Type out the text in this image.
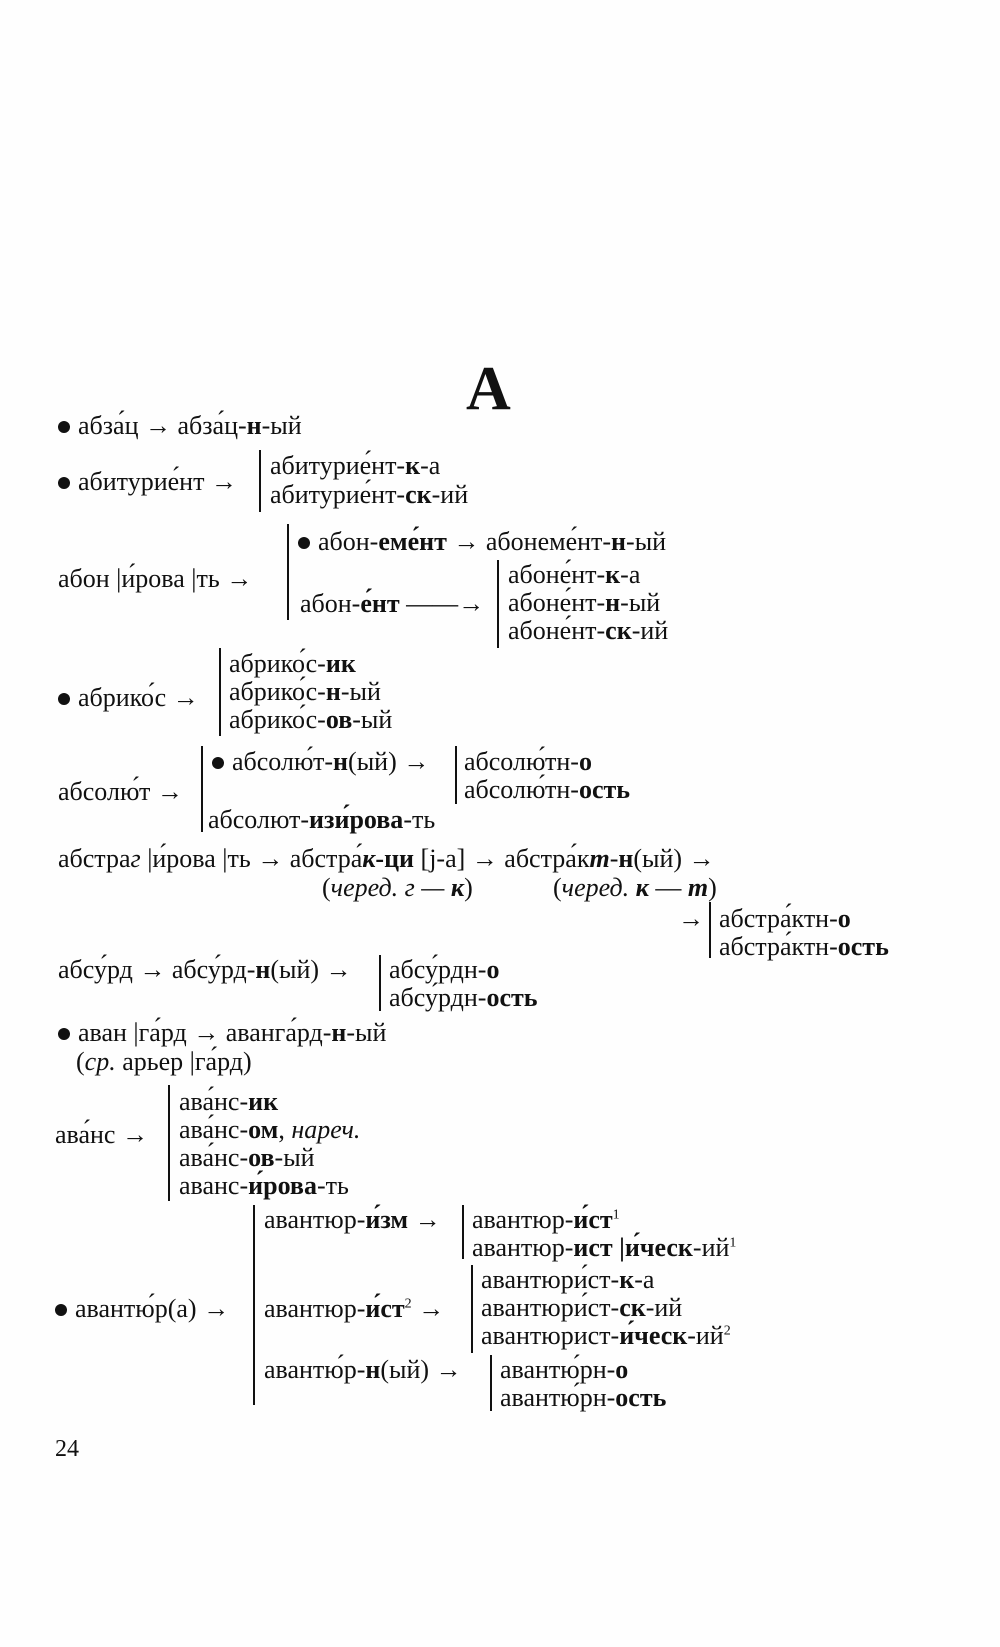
А
абза́ц → абза́ц-н-ый
абитурие́нт →
абитурие́нт-к-а
абитурие́нт-ск-ий
абон |и́рова |ть →
абон-еме́нт → абонеме́нт-н-ый
абон-е́нт ——→
абоне́нт-к-а
абоне́нт-н-ый
абоне́нт-ск-ий
абрико́с →
абрико́с-ик
абрико́с-н-ый
абрико́с-ов-ый
абсолю́т →
абсолю́т-н(ый) → абсолю́тн-о
абсолю́тн-ость
абсолют-изи́рова-ть
абстраг |и́рова |ть → абстра́к-ци [j-а] → абстра́кт-н(ый) →
(черед. г — к)	(черед. к — т)
→ абстра́ктн-о
абстра́ктн-ость
абсу́рд → абсу́рд-н(ый) → абсу́рдн-о
абсу́рдн-ость
аван |га́рд → аванга́рд-н-ый
(ср. арьер |га́рд)
ава́нс →
ава́нс-ик
ава́нс-ом, нареч.
ава́нс-ов-ый
аванс-и́рова-ть
авантю́р(а) →
авантюр-и́зм → авантюр-$и́ст^1$
авантюр-ист $|и́ческ-ий^1$
авантюр-$и́ст^2$ →
авантюри́ст-к-а
авантюри́ст-ск-ий
авантюрист-$и́ческ-ий^2$
авантю́р-н(ый) → авантю́рн-о
авантю́рн-ость
24
